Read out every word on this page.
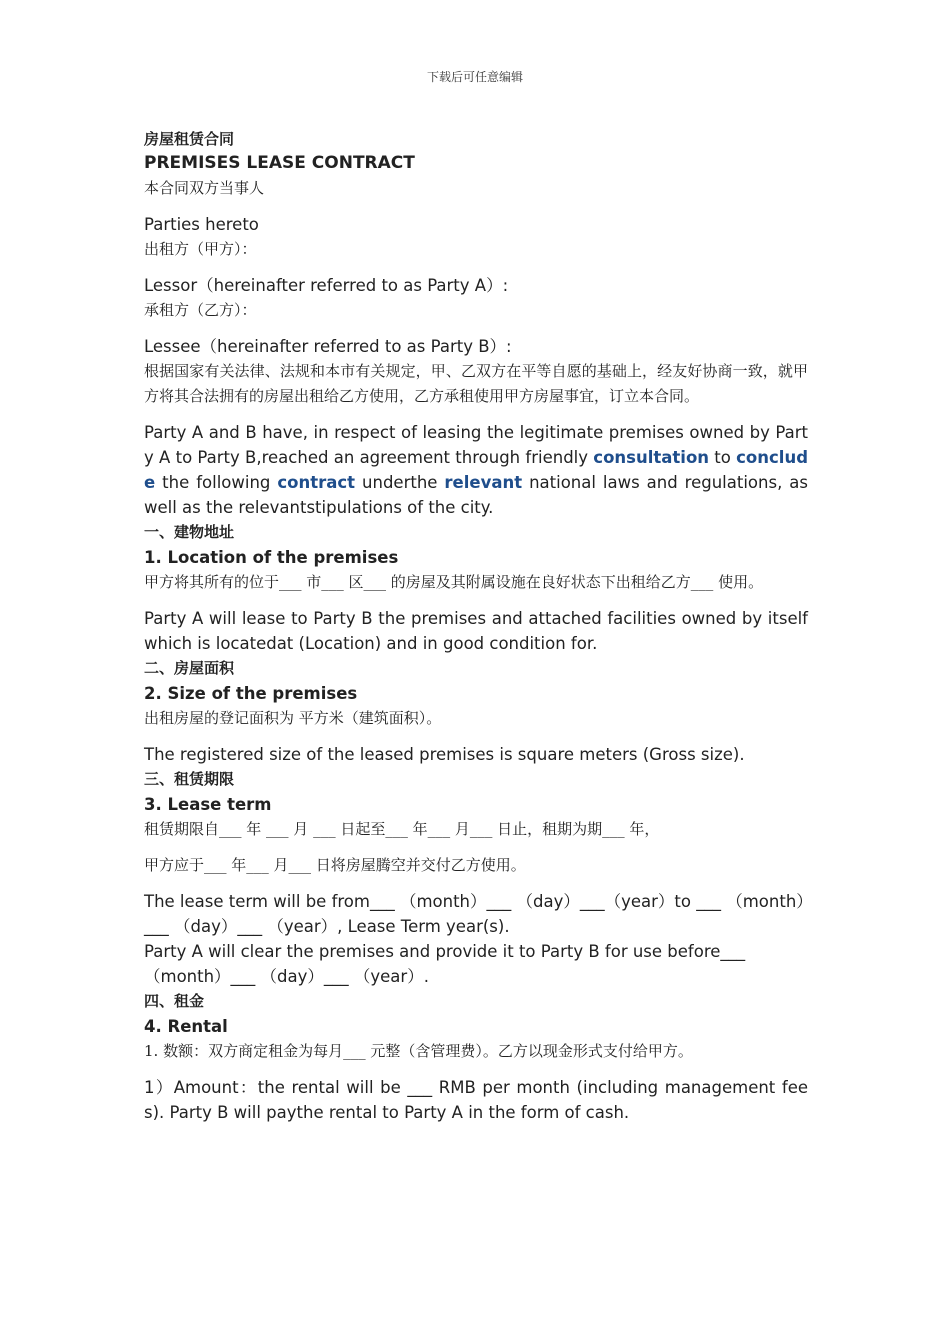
下载后可任意编辑

房屋租赁合同

PREMISES LEASE CONTRACT

本合同双方当事人

Parties hereto

出租方（甲方）：

Lessor（hereinafter referred to as Party A）:

承租方（乙方）：

Lessee（hereinafter referred to as Party B）:

根据国家有关法律、法规和本市有关规定，甲、乙双方在平等自愿的基础上，经友好协商一致，就甲方将其合法拥有的房屋出租给乙方使用，乙方承租使用甲方房屋事宜，订立本合同。

Party A and B have, in respect of leasing the legitimate premises owned by Party A to Party B,reached an agreement through friendly consultation to conclude the following contract underthe relevant national laws and regulations, as well as the relevantstipulations of the city.

一、建物地址

1. Location of the premises

甲方将其所有的位于___ 市___ 区___ 的房屋及其附属设施在良好状态下出租给乙方___ 使用。

Party A will lease to Party B the premises and attached facilities owned by itself which is locatedat (Location) and in good condition for.

二、房屋面积

2. Size of the premises

出租房屋的登记面积为 平方米（建筑面积）。

The registered size of the leased premises is square meters (Gross size).

三、租赁期限

3. Lease term

租赁期限自___ 年 ___ 月 ___ 日起至___ 年___ 月___ 日止，租期为期___ 年，

甲方应于___ 年___ 月___ 日将房屋腾空并交付乙方使用。

The lease term will be from___ （month）___ （day）___（year）to ___ （month）___ （day）___ （year）, Lease Term year(s).

Party A will clear the premises and provide it to Party B for use before___ （month）___ （day）___ （year）.

四、租金

4. Rental

1. 数额：双方商定租金为每月___ 元整（含管理费）。乙方以现金形式支付给甲方。

1）Amount：the rental will be ___ RMB per month (including management fees). Party B will paythe rental to Party A in the form of cash.
